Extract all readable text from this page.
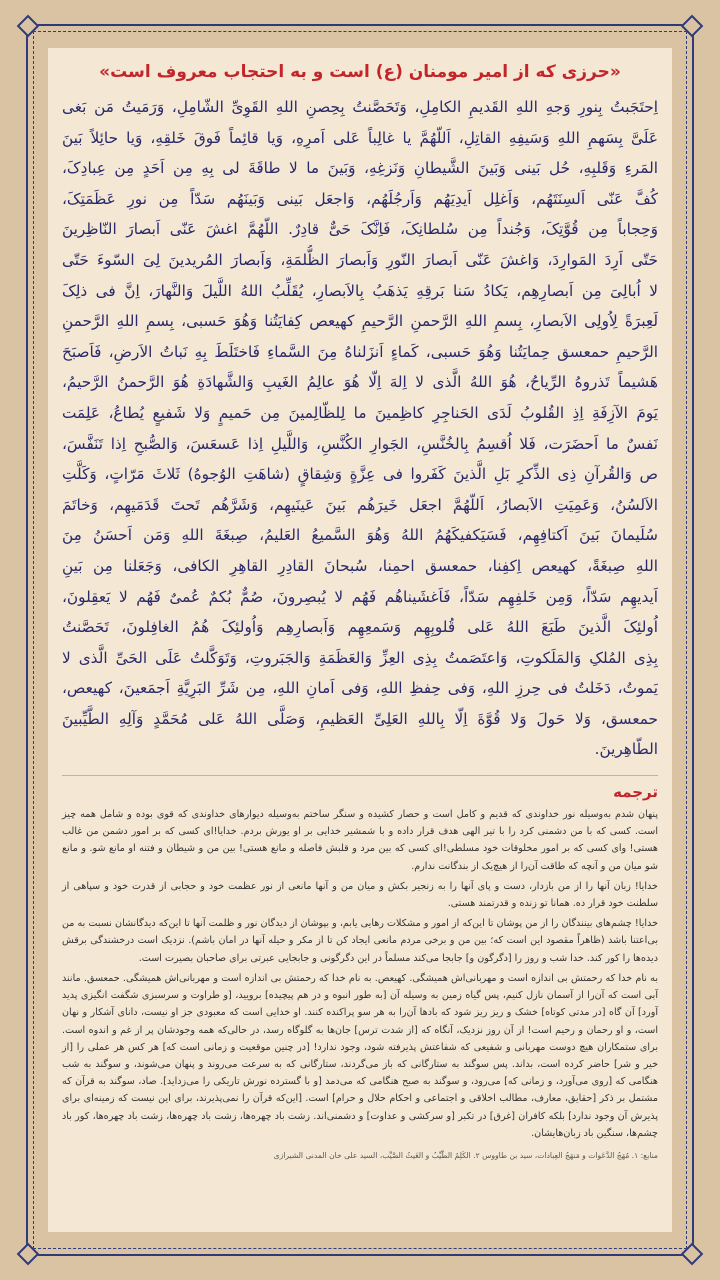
«حرزی که از امیر مومنان (ع) است و به احتجاب معروف است»
اِحتَجَبتُ بِنورِ وَجهِ اللهِ القَدیمِ الکامِلِ، وَتَحَصَّنتُ بِحِصنِ اللهِ القَوِیِّ الشّامِلِ، وَرَمَیتُ مَن بَغی
عَلَیَّ بِسَهمِ اللهِ وَسَیفِهِ القاتِلِ، اَللّهُمَّ یا غالِباً عَلی اَمرِهِ، وَیا قائِماً فَوقَ خَلقِهِ، وَیا حائِلاً بَینَ
المَرءِ وَقَلبِهِ، حُل بَینی وَبَینَ الشَّیطانِ وَنَزغِهِ، وَبَینَ ما لا طاقَةَ لی بِهِ مِن اَحَدٍ مِن عِبادِکَ،
کُفَّ عَنّی اَلسِنَتَهُم، وَاَغلِل اَیدِیَهُم وَاَرجُلَهُم، وَاجعَل بَینی وَبَینَهُم سَدّاً مِن نورِ عَظَمَتِکَ،
وَحِجاباً مِن قُوَّتِکَ، وَجُنداً مِن سُلطانِکَ، فَاِنَّکَ حَیٌّ قادِرٌ. اللّهُمَّ اغشَ عَنّی اَبصارَ النّاظِرینَ
حَتّی اَرِدَ المَوارِدَ، وَاغشَ عَنّی اَبصارَ النّورِ وَاَبصارَ الظُّلمَةِ، وَاَبصارَ المُریدینَ لِیَ السّوءَ حَتّی
لا اُبالِیَ مِن اَبصارِهِم، یَکادُ سَنا بَرقِهِ یَذهَبُ بِالاَبصارِ، یُقَلِّبُ اللهُ اللَّیلَ وَالنَّهارَ، اِنَّ فی ذلِکَ
لَعِبرَةً لِاُولِی الاَبصارِ، بِسمِ اللهِ الرَّحمنِ الرَّحیمِ کهیعص کِفایَتُنا وَهُوَ حَسبی، بِسمِ اللهِ الرَّحمنِ
الرَّحیمِ حمعسق حِمایَتُنا وَهُوَ حَسبی، کَماءٍ اَنزَلناهُ مِنَ السَّماءِ فَاختَلَطَ بِهِ نَباتُ الاَرضِ، فَاَصبَحَ
هَشیماً تَذروهُ الرِّیاحُ، هُوَ اللهُ الَّذی لا اِلهَ اِلّا هُوَ عالِمُ الغَیبِ وَالشَّهادَةِ هُوَ الرَّحمنُ الرَّحیمُ،
یَومَ الآزِفَةِ اِذِ القُلوبُ لَدَی الحَناجِرِ کاظِمینَ ما لِلظّالِمینَ مِن حَمیمٍ وَلا شَفیعٍ یُطاعُ، عَلِمَت
نَفسٌ ما اَحضَرَت، فَلا اُقسِمُ بِالخُنَّسِ، الجَوارِ الکُنَّسِ، وَاللَّیلِ اِذا عَسعَسَ، وَالصُّبحِ اِذا تَنَفَّسَ،
ص وَالقُرآنِ ذِی الذِّکرِ بَلِ الَّذینَ کَفَروا فی عِزَّةٍ وَشِقاقٍ (شاهَتِ الوُجوهُ) ثَلاثَ مَرّاتٍ، وَکَلَّتِ
الاَلسُنُ، وَعَمِیَتِ الاَبصارُ، اَللّهُمَّ اجعَل خَیرَهُم بَینَ عَینَیهِم، وَشَرَّهُم تَحتَ قَدَمَیهِم، وَخاتَمَ
سُلَیمانَ بَینَ اَکتافِهِم، فَسَیَکفیکَهُمُ اللهُ وَهُوَ السَّمیعُ العَلیمُ، صِبغَةَ اللهِ وَمَن اَحسَنُ مِنَ
اللهِ صِبغَةً، کهیعص اِکفِنا، حمعسق احمِنا، سُبحانَ القادِرِ القاهِرِ الکافی، وَجَعَلنا مِن بَینِ
اَیدیهِم سَدّاً، وَمِن خَلفِهِم سَدّاً، فَاَغشَیناهُم فَهُم لا یُبصِرونَ، صُمٌّ بُکمٌ عُمیٌ فَهُم لا یَعقِلونَ،
اُولئِکَ الَّذینَ طَبَعَ اللهُ عَلی قُلوبِهِم وَسَمعِهِم وَاَبصارِهِم وَاُولئِکَ هُمُ الغافِلونَ، تَحَصَّنتُ
بِذِی المُلکِ وَالمَلَکوتِ، وَاعتَصَمتُ بِذِی العِزِّ وَالعَظَمَةِ وَالجَبَروتِ، وَتَوَکَّلتُ عَلَی الحَیِّ الَّذی لا
یَموتُ، دَخَلتُ فی حِرزِ اللهِ، وَفی حِفظِ اللهِ، وَفی اَمانِ اللهِ، مِن شَرِّ البَرِیَّةِ اَجمَعینَ، کهیعص،
حمعسق، وَلا حَولَ وَلا قُوَّةَ اِلّا بِاللهِ العَلِیِّ العَظیمِ، وَصَلَّی اللهُ عَلی مُحَمَّدٍ وَآلِهِ الطَّیِّبینَ
الطّاهِرینَ.
ترجمه

پنهان شدم به‌وسیله نور خداوندی که قدیم و کامل است و حصار کشیده و سنگر ساختم به‌وسیله دیوارهای خداوندی که قوی بوده و شامل همه چیز است. کسی که با من دشمنی کرد را با تیر الهی هدف قرار داده و با شمشیر خدایی بر او یورش بردم. خدایا!ای کسی که بر امور دشمن من غالب هستی! وای کسی که بر امور مخلوقات خود مسلطی!ای کسی که بین مرد و قلبش فاصله و مانع هستی! بین من و شیطان و فتنه او مانع شو. و مانع شو میان من و آنچه که طاقت آن‌را از هیچ‌یک از بندگانت ندارم.

خدایا! زبان آنها را از من بازدار، دست و پای آنها را به زنجیر بکش و میان من و آنها مانعی از نور عظمت خود و حجابی از قدرت خود و سپاهی از سلطنت خود قرار ده. همانا تو زنده و قدرتمند هستی.

خدایا! چشم‌های بینندگان را از من پوشان تا این‌که از امور و مشکلات رهایی یابم، و بپوشان از دیدگان نور و ظلمت آنها تا این‌که دیدگانشان نسبت به من بی‌اعتنا باشد (ظاهراً مقصود این است که؛ بین من و برخی مردم مانعی ایجاد کن تا از مکر و حیله آنها در امان باشم). نزدیک است درخشندگی برقش دیده‌ها را کور کند. خدا شب و روز را [دگرگون و] جابجا می‌کند مسلماً در این دگرگونی و جابجایی عبرتی برای صاحبان بصیرت است.

به نام خدا که رحمتش بی اندازه است و مهربانی‌اش همیشگی. کهیعص. به نام خدا که رحمتش بی اندازه است و مهربانی‌اش همیشگی. حمعسق. مانند آبی است که آن‌را از آسمان نازل کنیم، پس گیاه زمین به وسیله آن [به طور انبوه و در هم پیچیده] برویید، [و طراوت و سرسبزی شگفت انگیزی پدید آورد] آن گاه [در مدتی کوتاه] خشک و ریز ریز شود که بادها آن‌را به هر سو پراکنده کنند. او خدایی است که معبودی جز او نیست، دانای آشکار و نهان است، و او رحمان و رحیم است! از آن روز نزدیک، آنگاه که [از شدت ترس] جان‌ها به گلوگاه رسد، در حالی‌که همه وجودشان پر از غم و اندوه است. برای ستمکاران هیچ دوست مهربانی و شفیعی که شفاعتش پذیرفته شود، وجود ندارد! [در چنین موقعیت و زمانی است که] هر کس هر عملی را [از خیر و شر] حاضر کرده است، بداند. پس سوگند به ستارگانی که باز می‌گردند، ستارگانی که به سرعت می‌روند و پنهان می‌شوند، و سوگند به شب هنگامی که [روی می‌آورد، و زمانی که] می‌رود، و سوگند به صبح هنگامی که می‌دمد [و با گسترده نورش تاریکی را می‌زداید]. صاد، سوگند به قرآن که مشتمل بر ذکر [حقایق، معارف، مطالب اخلاقی و اجتماعی و احکام حلال و حرام] است. [این‌که قرآن را نمی‌پذیرند، برای این نیست که زمینه‌ای برای پذیرش آن وجود ندارد] بلکه کافران [غرق] در تکبر [و سرکشی و عداوت] و دشمنی‌اند. زشت باد چهره‌ها، زشت باد چهره‌ها، زشت باد چهره‌ها، کور باد چشم‌ها، سنگین باد زبان‌هایشان.

منابع: ۱. مُهَجُ الدَّعَوات و مَنهَجُ العِبادات، سید بن طاووس ۲. الکَلِمُ الطَّیِّبُ و الغَیثُ الصَّیِّب، السید علی خان المدنی الشیرازی
